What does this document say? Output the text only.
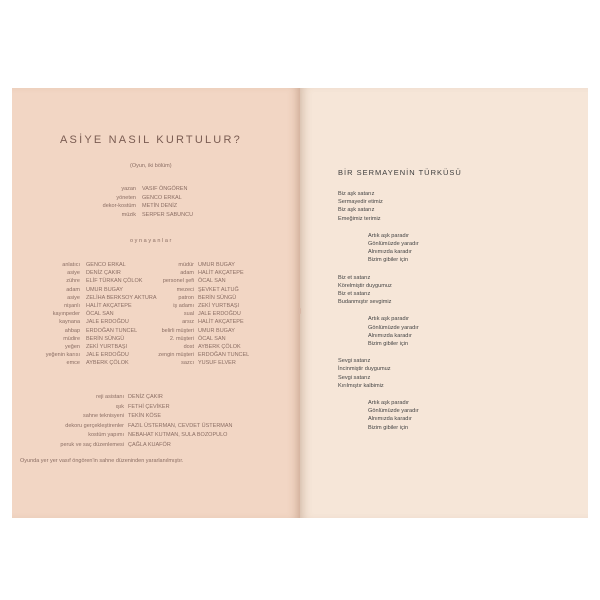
ASİYE NASIL KURTULUR?
(Oyun, iki bölüm)
yazan VASIF ÖNGÖREN
yöneten GENCO ERKAL
dekor-kostüm METİN DENİZ
müzik SERPER SABUNCU
oynayanlar
anlatıcı GENCO ERKAL	müdür UMUR BUGAY
asiye DENİZ ÇAKIR	adam HALİT AKÇATEPE
zühre ELİF TÜRKAN ÇÖLOK	personel şefi ÖCAL SAN
adam UMUR BUGAY	mezeci ŞEVKET ALTUĞ
asiye ZELİHA BERKSOY AKTURA	patron BERİN SÜNGÜ
nişanlı HALİT AKÇATEPE	iş adamı ZEKİ YURTBAŞI
kayınpeder ÖCAL SAN	sual JALE ERDOĞDU
kaynana JALE ERDOĞDU	arsız HALİT AKÇATEPE
ahbap ERDOĞAN TUNCEL	belirli müşteri UMUR BUGAY
müdire BERİN SÜNGÜ	2. müşteri ÖCAL SAN
yeğen ZEKİ YURTBAŞI	dost AYBERK ÇÖLOK
yeğenin karısı JALE ERDOĞDU	zengin müşteri ERDOĞAN TUNCEL
emce AYBERK ÇÖLOK	sazcı YUSUF ELVER
reji asistanı DENİZ ÇAKIR
ışık FETHİ ÇEVİKER
sahne teknisyeni TEKİN KÖSE
dekoru gerçekleştirenler FAZIL ÜSTERMAN, CEVDET ÜSTERMAN
kostüm yapımı NEBAHAT KUTMAN, SULA BOZOPULO
peruk ve saç düzenlemesi ÇAĞLA KUAFÖR
Oyunda yer yer vasıf öngören'in sahne düzeninden yararlanılmıştır.
BİR SERMAYENİN TÜRKÜSÜ
Biz aşk satarız
Sermayedir etimiz
Biz aşk satarız
Emeğimiz terimiz
Artık aşk paradır
Gönlümüzde yaradır
Alnımızda karadır
Bizim gibiler için
Biz et satarız
Körelmiştir duygumuz
Biz et satarız
Budanmıştır sevgimiz
Artık aşk paradır
Gönlümüzde yaradır
Alnımızda karadır
Bizim gibiler için
Sevgi satarız
İncinmiştir duygumuz
Sevgi satarız
Kırılmıştır kalbimiz
Artık aşk paradır
Gönlümüzde yaradır
Alnımızda karadır
Bizim gibiler için
